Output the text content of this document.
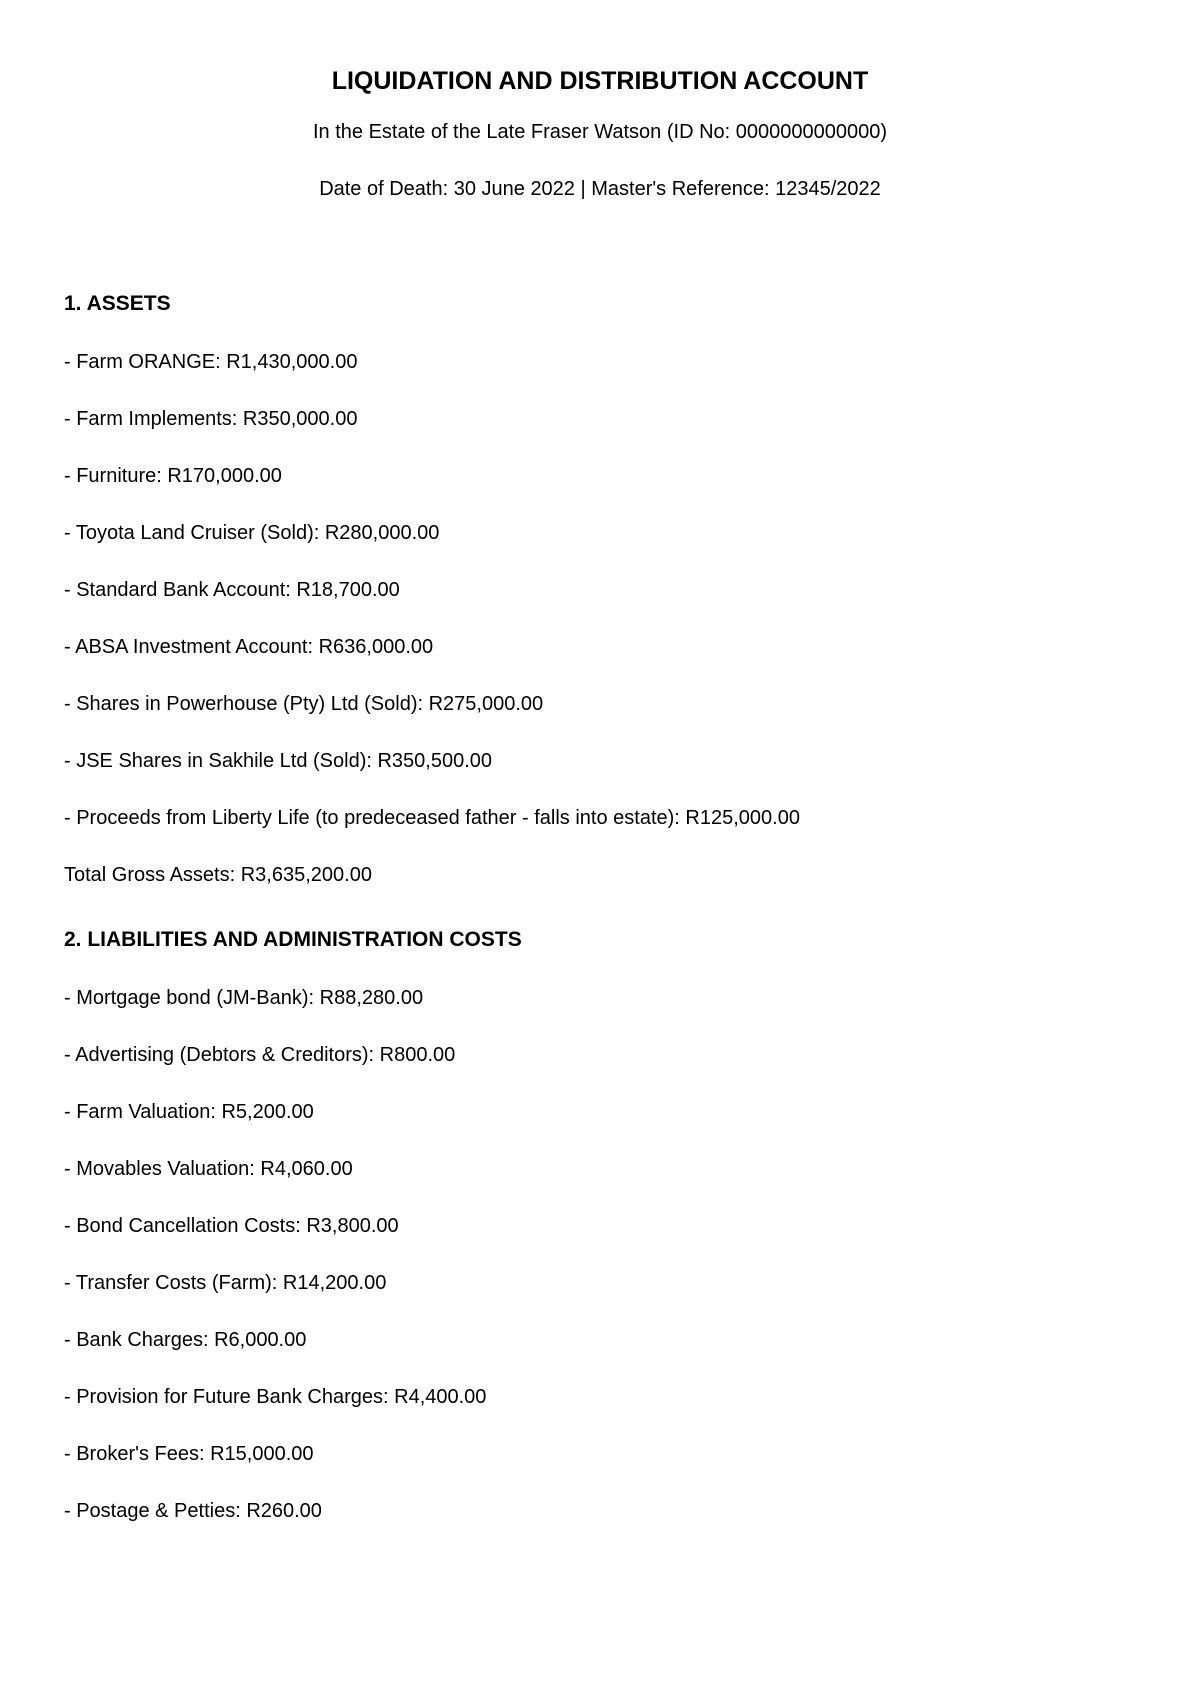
LIQUIDATION AND DISTRIBUTION ACCOUNT

In the Estate of the Late Fraser Watson (ID No: 0000000000000)

Date of Death: 30 June 2022 | Master's Reference: 12345/2022

1. ASSETS
- Farm ORANGE: R1,430,000.00
- Farm Implements: R350,000.00
- Furniture: R170,000.00
- Toyota Land Cruiser (Sold): R280,000.00
- Standard Bank Account: R18,700.00
- ABSA Investment Account: R636,000.00
- Shares in Powerhouse (Pty) Ltd (Sold): R275,000.00
- JSE Shares in Sakhile Ltd (Sold): R350,500.00
- Proceeds from Liberty Life (to predeceased father - falls into estate): R125,000.00

Total Gross Assets: R3,635,200.00

2. LIABILITIES AND ADMINISTRATION COSTS
- Mortgage bond (JM-Bank): R88,280.00
- Advertising (Debtors & Creditors): R800.00
- Farm Valuation: R5,200.00
- Movables Valuation: R4,060.00
- Bond Cancellation Costs: R3,800.00
- Transfer Costs (Farm): R14,200.00
- Bank Charges: R6,000.00
- Provision for Future Bank Charges: R4,400.00
- Broker's Fees: R15,000.00
- Postage & Petties: R260.00
